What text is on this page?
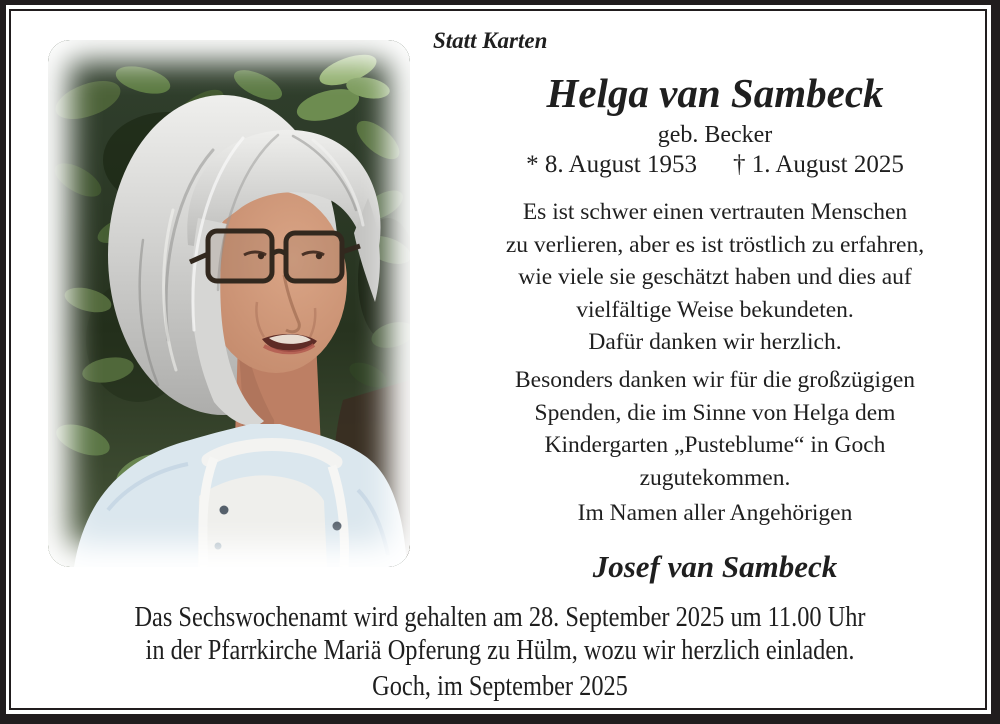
Statt Karten
Helga van Sambeck
geb. Becker
* 8. August 1953 † 1. August 2025
Es ist schwer einen vertrauten Menschen
zu verlieren, aber es ist tröstlich zu erfahren,
wie viele sie geschätzt haben und dies auf
vielfältige Weise bekundeten.
Dafür danken wir herzlich.
Besonders danken wir für die großzügigen
Spenden, die im Sinne von Helga dem
Kindergarten „Pusteblume“ in Goch
zugutekommen.
Im Namen aller Angehörigen
Josef van Sambeck
Das Sechswochenamt wird gehalten am 28. September 2025 um 11.00 Uhr
in der Pfarrkirche Mariä Opferung zu Hülm, wozu wir herzlich einladen.
Goch, im September 2025
